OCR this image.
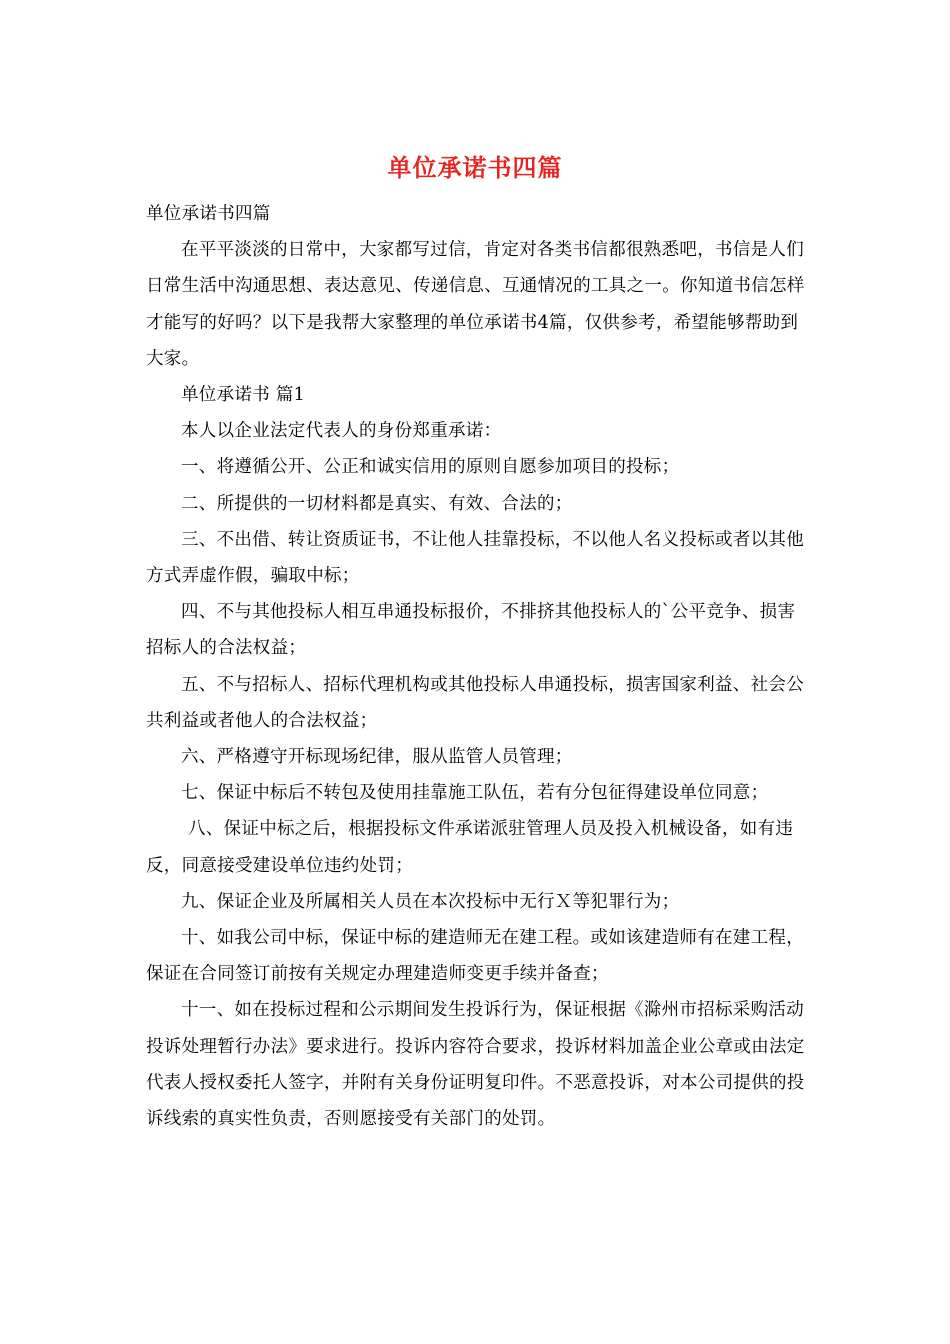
单位承诺书四篇

单位承诺书四篇

在平平淡淡的日常中，大家都写过信，肯定对各类书信都很熟悉吧，书信是人们日常生活中沟通思想、表达意见、传递信息、互通情况的工具之一。你知道书信怎样才能写的好吗？以下是我帮大家整理的单位承诺书4篇，仅供参考，希望能够帮助到大家。

单位承诺书 篇1

本人以企业法定代表人的身份郑重承诺：

一、将遵循公开、公正和诚实信用的原则自愿参加项目的投标；

二、所提供的一切材料都是真实、有效、合法的；

三、不出借、转让资质证书，不让他人挂靠投标，不以他人名义投标或者以其他方式弄虚作假，骗取中标；

四、不与其他投标人相互串通投标报价，不排挤其他投标人的`公平竞争、损害招标人的合法权益；

五、不与招标人、招标代理机构或其他投标人串通投标，损害国家利益、社会公共利益或者他人的合法权益；

六、严格遵守开标现场纪律，服从监管人员管理；

七、保证中标后不转包及使用挂靠施工队伍，若有分包征得建设单位同意；

八、保证中标之后，根据投标文件承诺派驻管理人员及投入机械设备，如有违反，同意接受建设单位违约处罚；

九、保证企业及所属相关人员在本次投标中无行Ｘ等犯罪行为；

十、如我公司中标，保证中标的建造师无在建工程。或如该建造师有在建工程，保证在合同签订前按有关规定办理建造师变更手续并备查；

十一、如在投标过程和公示期间发生投诉行为，保证根据《滁州市招标采购活动投诉处理暂行办法》要求进行。投诉内容符合要求，投诉材料加盖企业公章或由法定代表人授权委托人签字，并附有关身份证明复印件。不恶意投诉，对本公司提供的投诉线索的真实性负责，否则愿接受有关部门的处罚。
